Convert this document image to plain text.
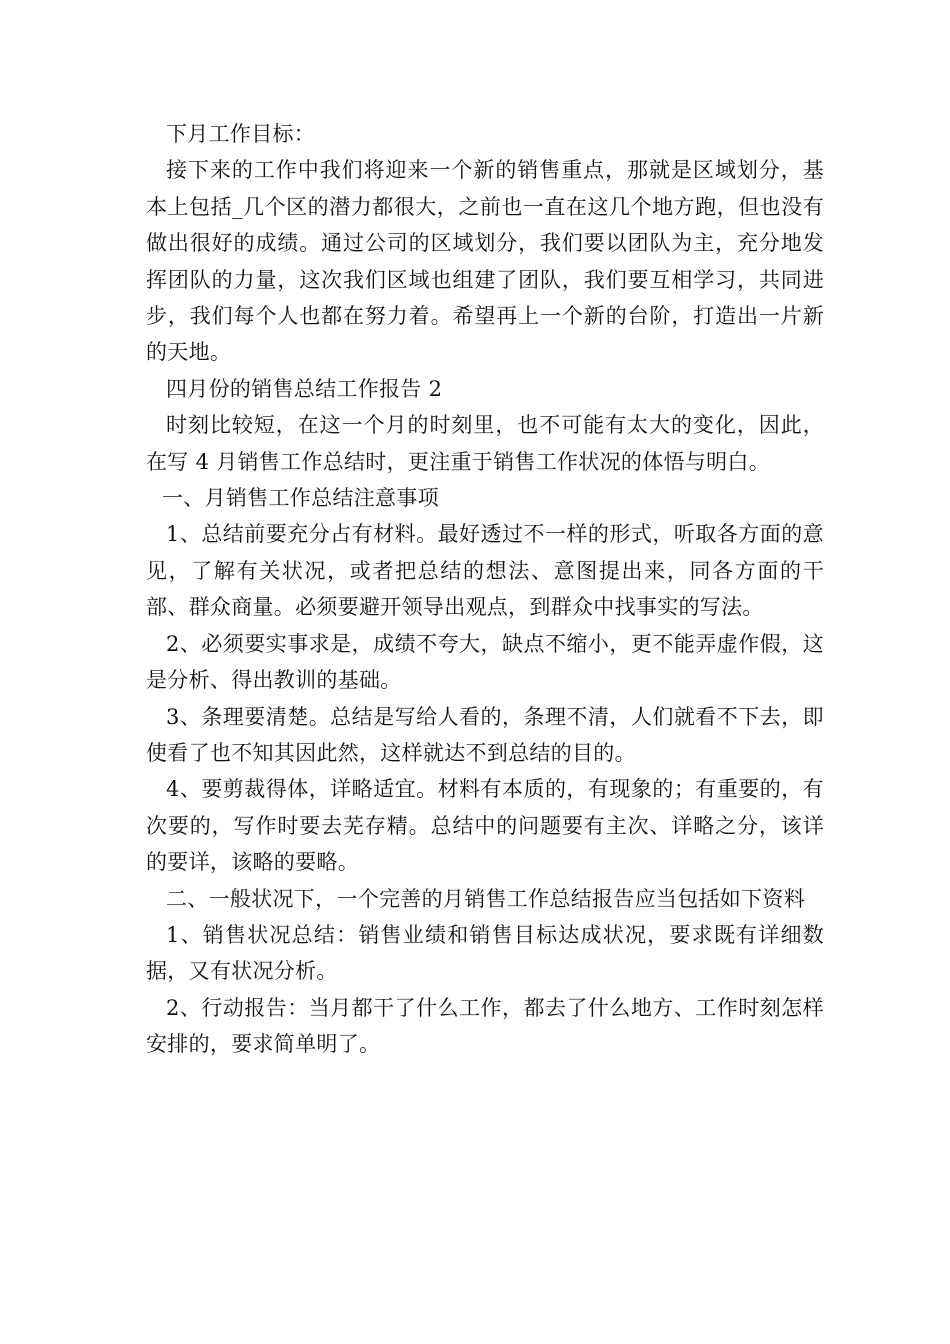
下月工作目标：

接下来的工作中我们将迎来一个新的销售重点，那就是区域划分，基本上包括_几个区的潜力都很大，之前也一直在这几个地方跑，但也没有做出很好的成绩。通过公司的区域划分，我们要以团队为主，充分地发挥团队的力量，这次我们区域也组建了团队，我们要互相学习，共同进步，我们每个人也都在努力着。希望再上一个新的台阶，打造出一片新的天地。

四月份的销售总结工作报告 2

时刻比较短，在这一个月的时刻里，也不可能有太大的变化，因此，在写 4 月销售工作总结时，更注重于销售工作状况的体悟与明白。

一、月销售工作总结注意事项

1、总结前要充分占有材料。最好透过不一样的形式，听取各方面的意见，了解有关状况，或者把总结的想法、意图提出来，同各方面的干部、群众商量。必须要避开领导出观点，到群众中找事实的写法。

2、必须要实事求是，成绩不夸大，缺点不缩小，更不能弄虚作假，这是分析、得出教训的基础。

3、条理要清楚。总结是写给人看的，条理不清，人们就看不下去，即使看了也不知其因此然，这样就达不到总结的目的。

4、要剪裁得体，详略适宜。材料有本质的，有现象的；有重要的，有次要的，写作时要去芜存精。总结中的问题要有主次、详略之分，该详的要详，该略的要略。

二、一般状况下，一个完善的月销售工作总结报告应当包括如下资料

1、销售状况总结：销售业绩和销售目标达成状况，要求既有详细数据，又有状况分析。

2、行动报告：当月都干了什么工作，都去了什么地方、工作时刻怎样安排的，要求简单明了。
